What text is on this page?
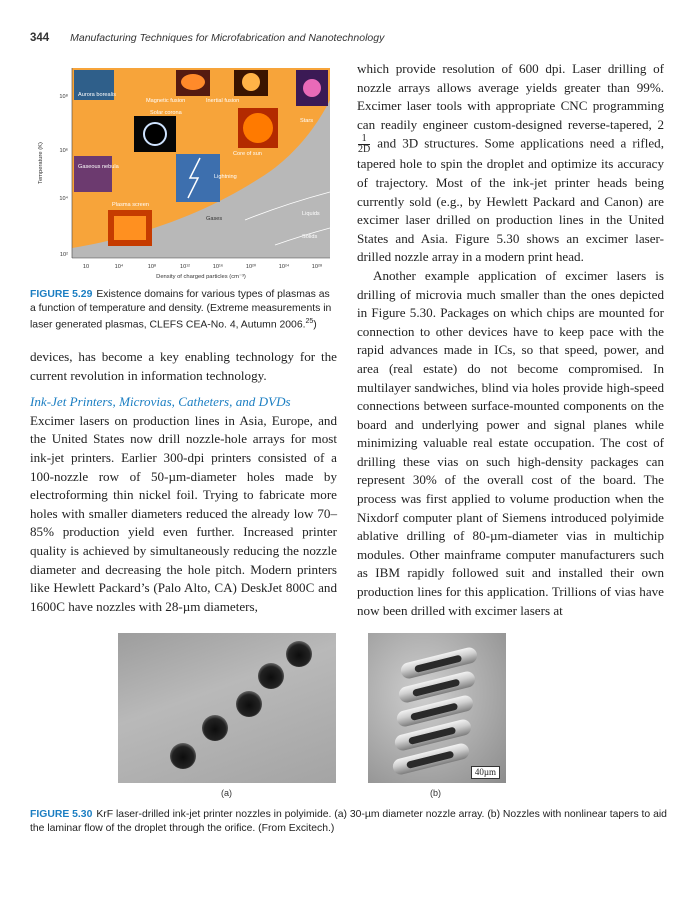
344 Manufacturing Techniques for Microfabrication and Nanotechnology
Aurora borealis
Magnetic fusion	Inertial fusion
Solar corona
Core of sun
Gaseous nebula
Lightning
Plasma screen
Stars
Gases
Liquids
Solids
10⁸
10⁶
10⁴
10²
10	10⁴	10⁸	10¹²	10¹⁶	10²⁰	10²⁴	10²⁸
Density of charged particles (cm⁻³)
Temperature (K)
FIGURE 5.29 Existence domains for various types of plasmas as a function of temperature and density. (Extreme measurements in laser generated plasmas, CLEFS CEA-No. 4, Autumn 2006.25)

devices, has become a key enabling technology for the current revolution in information technology.

Ink-Jet Printers, Microvias, Catheters, and DVDs

Excimer lasers on production lines in Asia, Europe, and the United States now drill nozzle-hole arrays for most ink-jet printers. Earlier 300-dpi printers consisted of a 100-nozzle row of 50-µm-diameter holes made by electroforming thin nickel foil. Trying to fabricate more holes with smaller diameters reduced the already low 70–85% production yield even further. Increased printer quality is achieved by simultaneously reducing the nozzle diameter and decreasing the hole pitch. Modern printers like Hewlett Packard’s (Palo Alto, CA) DeskJet 800C and 1600C have nozzles with 28-µm diameters,

which provide resolution of 600 dpi. Laser drilling of nozzle arrays allows average yields greater than 99%. Excimer laser tools with appropriate CNC programming can readily engineer custom-designed reverse-tapered, 2
$\frac{1}{2D}$ and 3D structures. Some applications need a rifled, tapered hole to spin the droplet and optimize its accuracy of trajectory. Most of the ink-jet printer heads being currently sold (e.g., by Hewlett Packard and Canon) are excimer laser drilled on production lines in the United States and Asia. Figure 5.30 shows an excimer laser-drilled nozzle array in a modern print head.

Another example application of excimer lasers is drilling of microvia much smaller than the ones depicted in Figure 5.30. Packages on which chips are mounted for connection to other devices have to keep pace with the rapid advances made in ICs, so that speed, power, and area (real estate) do not become compromised. In multilayer sandwiches, blind via holes provide high-speed connections between surface-mounted components on the board and underlying power and signal planes while minimizing valuable real estate occupation. The cost of drilling these vias on such high-density packages can represent 30% of the overall cost of the board. The process was first applied to volume production when the Nixdorf computer plant of Siemens introduced polyimide ablative drilling of 80-µm-diameter vias in multichip modules. Other mainframe computer manufacturers such as IBM rapidly followed suit and installed their own production lines for this application. Trillions of vias have now been drilled with excimer lasers at

40µm
(a)	(b)
FIGURE 5.30 KrF laser-drilled ink-jet printer nozzles in polyimide. (a) 30-µm diameter nozzle array. (b) Nozzles with nonlinear tapers to aid the laminar flow of the droplet through the orifice. (From Excitech.)
